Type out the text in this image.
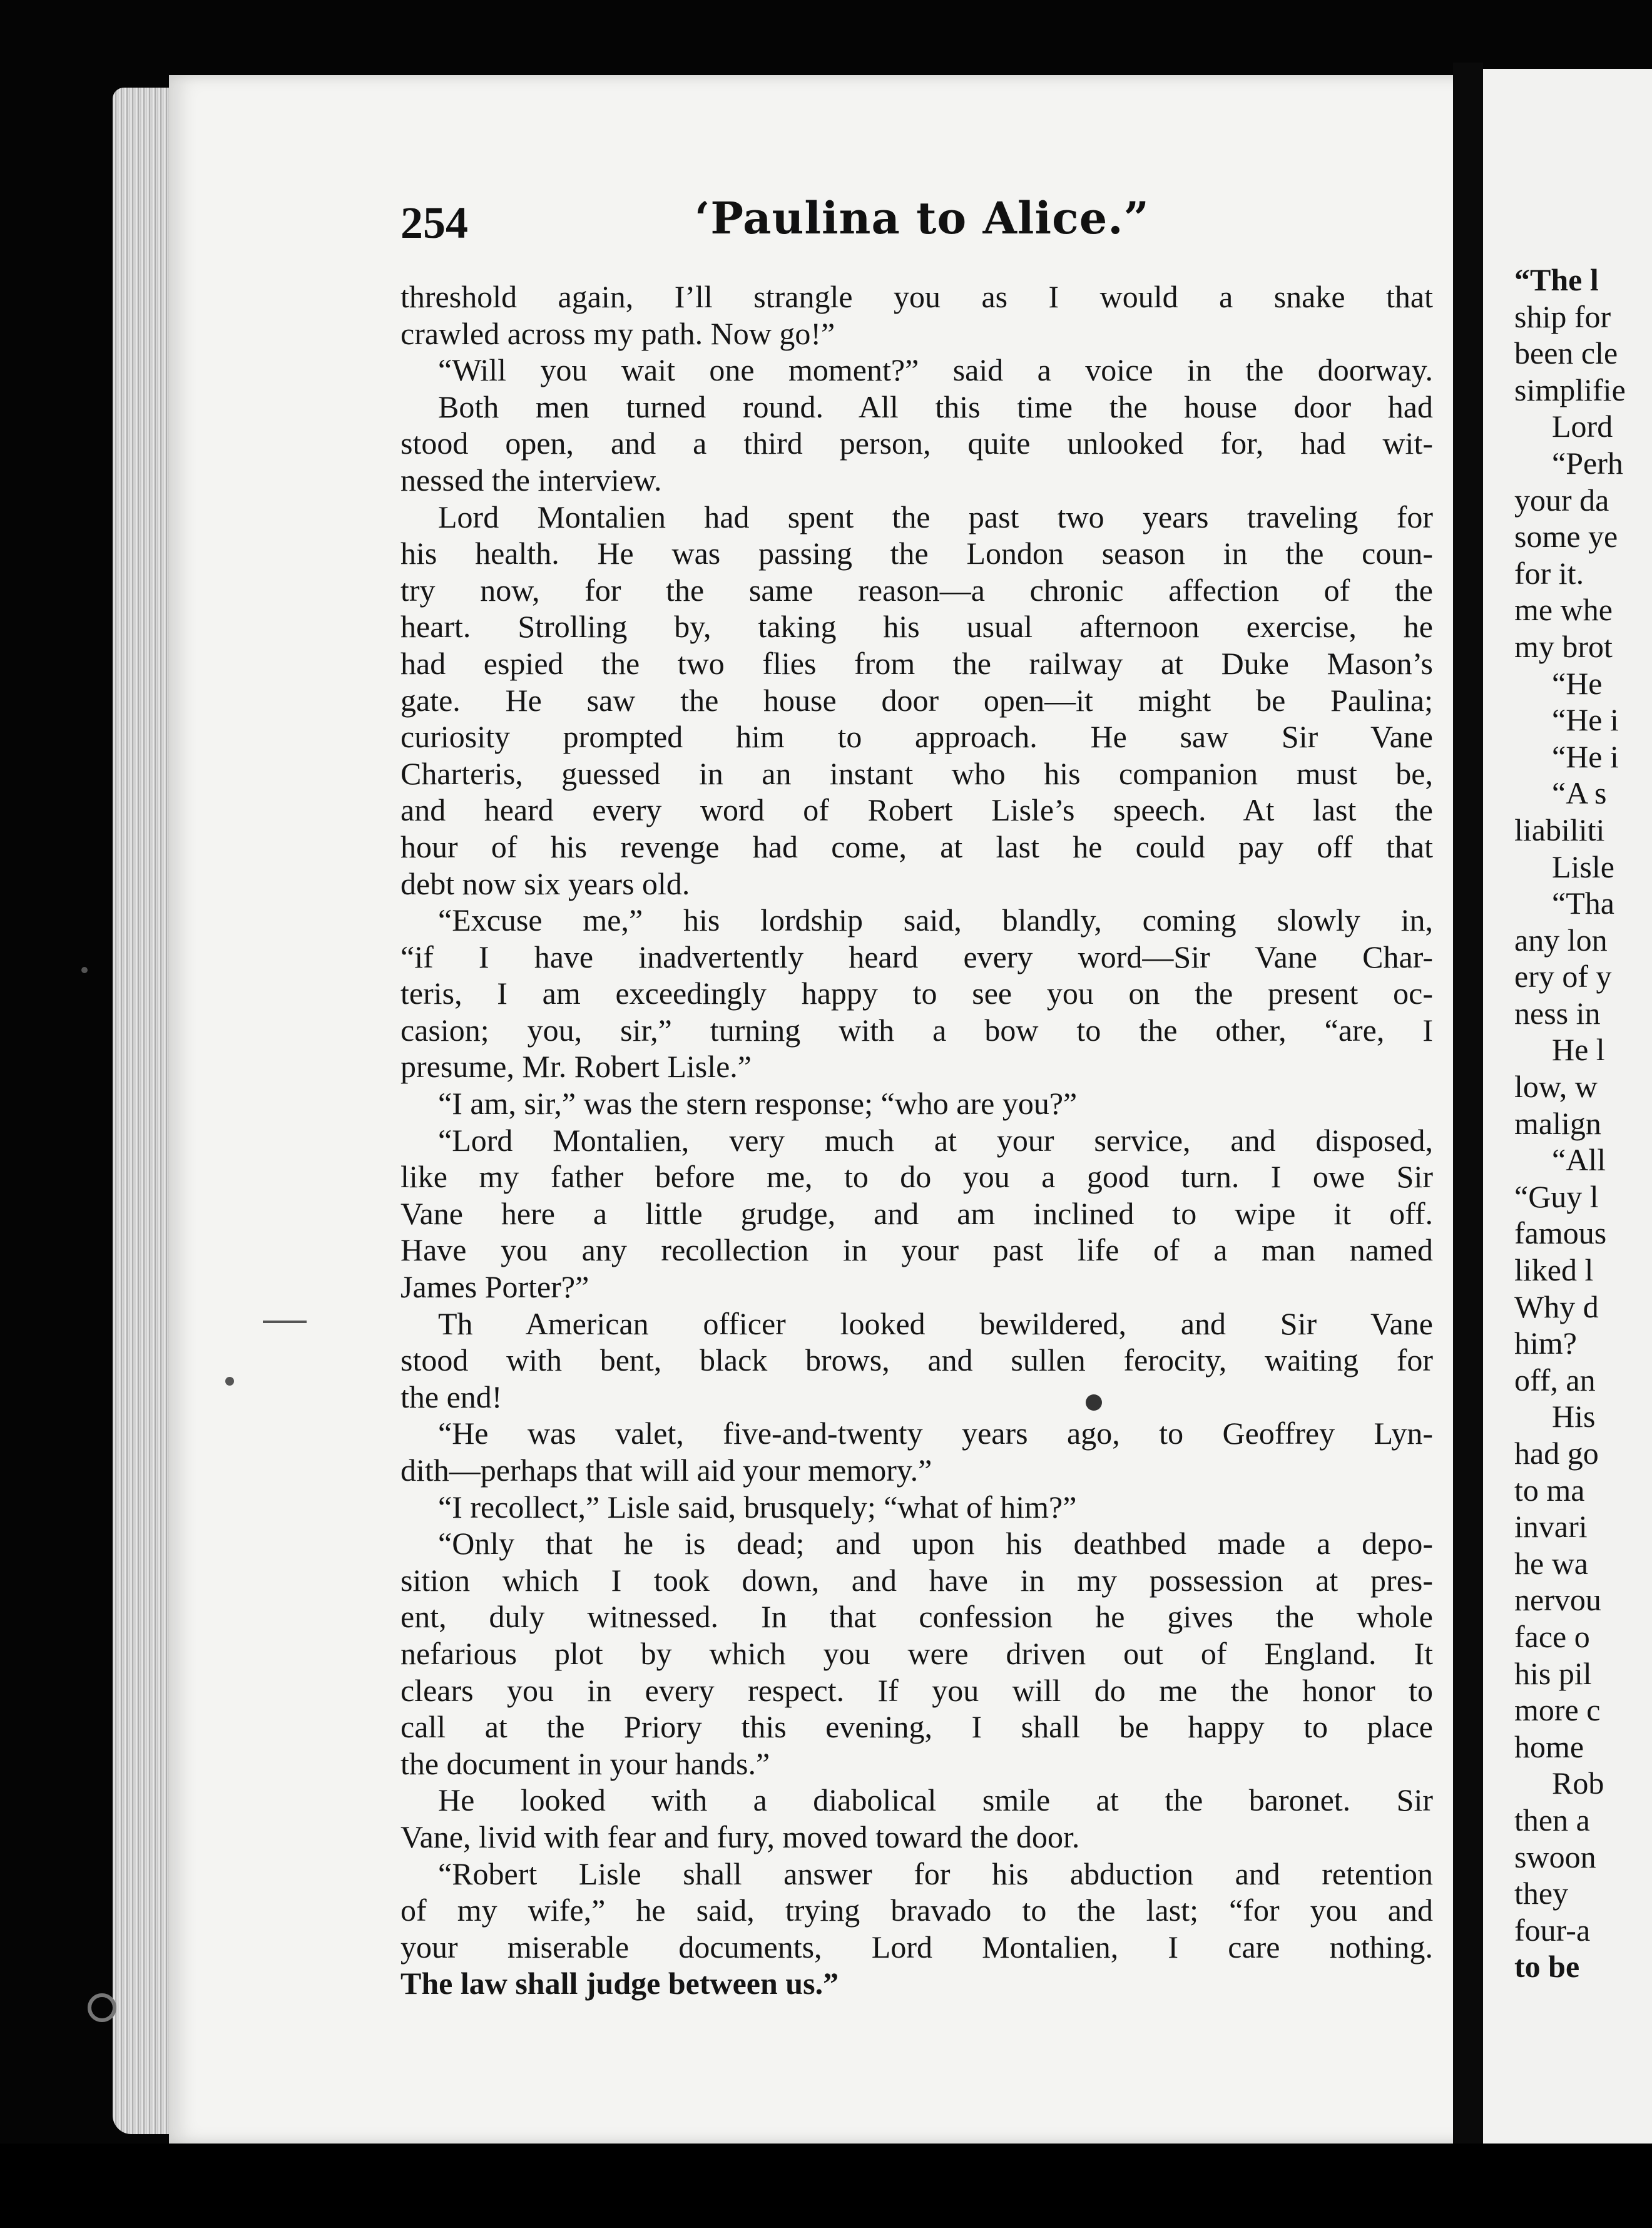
254	‘Paulina to Alice.”
threshold again, I’ll strangle you as I would a snake that
crawled across my path. Now go!”
“Will you wait one moment?” said a voice in the doorway.
Both men turned round. All this time the house door had
stood open, and a third person, quite unlooked for, had wit-
nessed the interview.
Lord Montalien had spent the past two years traveling for
his health. He was passing the London season in the coun-
try now, for the same reason—a chronic affection of the
heart. Strolling by, taking his usual afternoon exercise, he
had espied the two flies from the railway at Duke Mason’s
gate. He saw the house door open—it might be Paulina;
curiosity prompted him to approach. He saw Sir Vane
Charteris, guessed in an instant who his companion must be,
and heard every word of Robert Lisle’s speech. At last the
hour of his revenge had come, at last he could pay off that
debt now six years old.
“Excuse me,” his lordship said, blandly, coming slowly in,
“if I have inadvertently heard every word—Sir Vane Char-
teris, I am exceedingly happy to see you on the present oc-
casion; you, sir,” turning with a bow to the other, “are, I
presume, Mr. Robert Lisle.”
“I am, sir,” was the stern response; “who are you?”
“Lord Montalien, very much at your service, and disposed,
like my father before me, to do you a good turn. I owe Sir
Vane here a little grudge, and am inclined to wipe it off.
Have you any recollection in your past life of a man named
James Porter?”
Th American officer looked bewildered, and Sir Vane
stood with bent, black brows, and sullen ferocity, waiting for
the end!
“He was valet, five-and-twenty years ago, to Geoffrey Lyn-
dith—perhaps that will aid your memory.”
“I recollect,” Lisle said, brusquely; “what of him?”
“Only that he is dead; and upon his deathbed made a depo-
sition which I took down, and have in my possession at pres-
ent, duly witnessed. In that confession he gives the whole
nefarious plot by which you were driven out of England. It
clears you in every respect. If you will do me the honor to
call at the Priory this evening, I shall be happy to place
the document in your hands.”
He looked with a diabolical smile at the baronet. Sir
Vane, livid with fear and fury, moved toward the door.
“Robert Lisle shall answer for his abduction and retention
of my wife,” he said, trying bravado to the last; “for you and
your miserable documents, Lord Montalien, I care nothing.
The law shall judge between us.”
“The l
ship for
been cle
simplifie
Lord
“Perh
your da
some ye
for it.
me whe
my brot
“He
“He i
“He i
“A s
liabiliti
Lisle
“Tha
any lon
ery of y
ness in
He l
low, w
malign
“All
“Guy l
famous
liked l
Why d
him?
off, an
His
had go
to ma
invari
he wa
nervou
face o
his pil
more c
home
Rob
then a
swoon
they
four-a
to be
